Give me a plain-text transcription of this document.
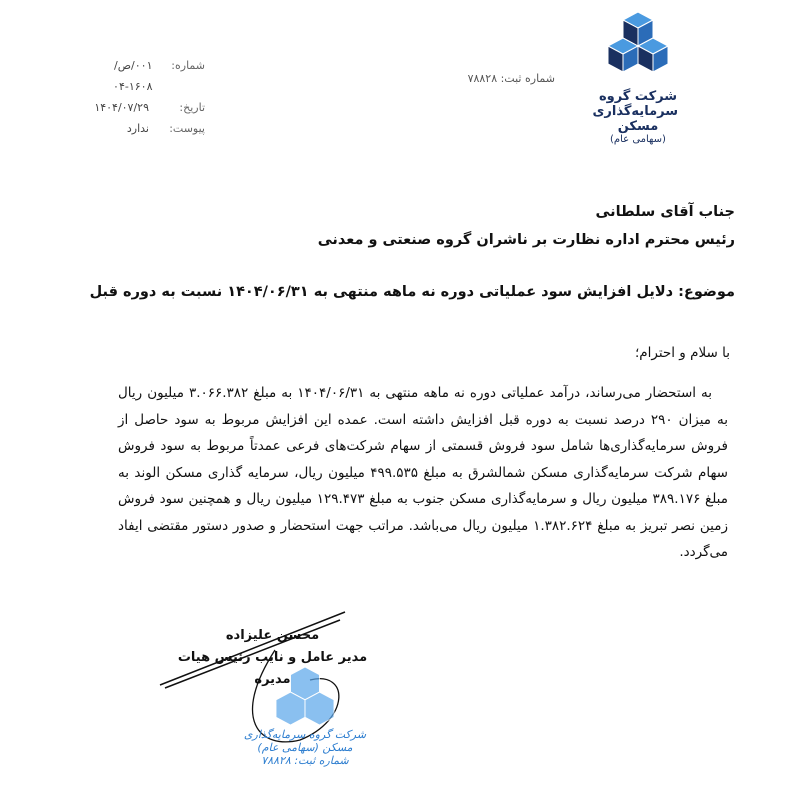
شرکت گروه
سرمایه‌گذاری
مسکن
(سهامی عام)
شماره ثبت: ۷۸۸۲۸
شماره:
۰۰۱/ص/۱۶۰۸-۰۴
تاریخ:
۱۴۰۴/۰۷/۲۹
پیوست:
ندارد
جناب آقای سلطانی
رئیس محترم اداره نظارت بر ناشران گروه صنعتی و معدنی
موضوع: دلایل افزایش سود عملیاتی دوره نه ماهه منتهی به ۱۴۰۴/۰۶/۳۱ نسبت به دوره قبل
با سلام و احترام؛

به استحضار می‌رساند، درآمد عملیاتی دوره نه ماهه منتهی به ۱۴۰۴/۰۶/۳۱ به مبلغ ۳.۰۶۶.۳۸۲ میلیون ریال به میزان ۲۹۰ درصد نسبت به دوره قبل افزایش داشته است. عمده این افزایش مربوط به سود حاصل از فروش سرمایه‌گذاری‌ها شامل سود فروش قسمتی از سهام شرکت‌های فرعی عمدتاً مربوط به سود فروش سهام شرکت سرمایه‌گذاری مسکن شمالشرق به مبلغ ۴۹۹.۵۳۵ میلیون ریال، سرمایه گذاری مسکن الوند به مبلغ ۳۸۹.۱۷۶ میلیون ریال و سرمایه‌گذاری مسکن جنوب به مبلغ ۱۲۹.۴۷۳ میلیون ریال و همچنین سود فروش زمین نصر تبریز به مبلغ ۱.۳۸۲.۶۲۴ میلیون ریال می‌باشد. مراتب جهت استحضار و صدور دستور مقتضی ایفاد می‌گردد.

محسن علیزاده
مدیر عامل و نایب رئیس هیات مدیره
شرکت گروه سرمایه‌گذاری مسکن (سهامی عام)
شماره ثبت: ۷۸۸۲۸
